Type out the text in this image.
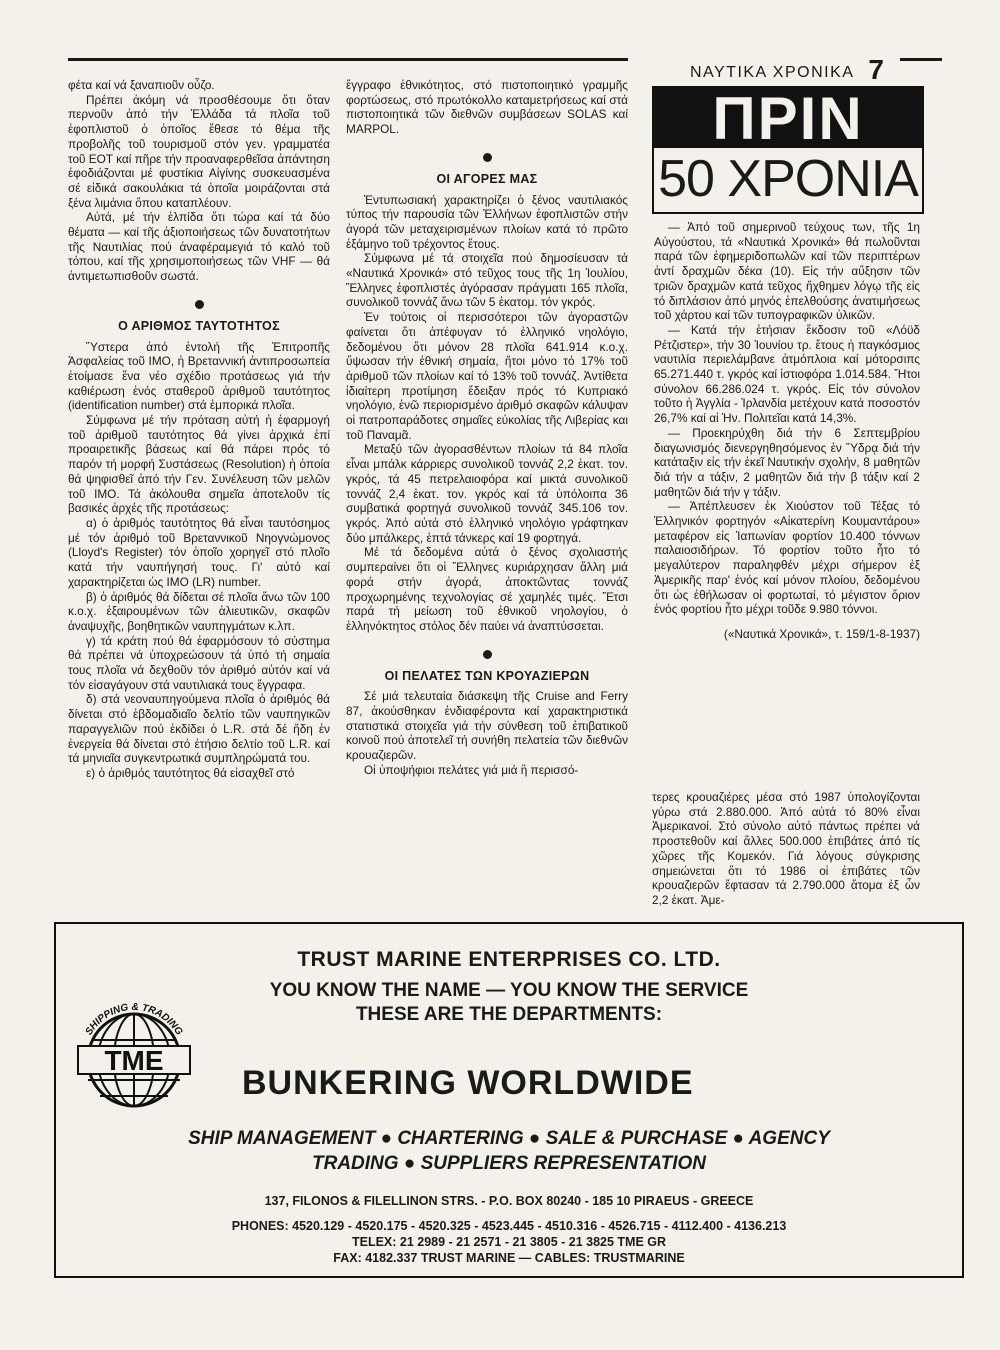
ΝΑΥΤΙΚΑ ΧΡΟΝΙΚΑ 7

φέτα καί νά ξαναπιοῦν οὖζο.

Πρέπει ἀκόμη νά προσθέσουμε ὅτι ὅταν περνοῦν ἀπό τήν Ἑλλάδα τά πλοῖα τοῦ ἐφοπλιστοῦ ὁ ὁποῖος ἔθεσε τό θέμα τῆς προβολῆς τοῦ τουρισμοῦ στόν γεν. γραμματέα τοῦ ΕΟΤ καί πῆρε τήν προαναφερθεῖσα ἀπάντηση ἐφοδιάζονται μέ φυστίκια Αἰγίνης συσκευασμένα σέ εἰδικά σακουλάκια τά ὁποῖα μοιράζονται στά ξένα λιμάνια ὅπου καταπλέουν.

Αὐτά, μέ τήν ἐλπίδα ὅτι τώρα καί τά δύο θέματα — καί τῆς ἀξιοποιήσεως τῶν δυνατοτήτων τῆς Ναυτιλίας πού ἀναφέραμεγιά τό καλό τοῦ τόπου, καί τῆς χρησιμοποιήσεως τῶν VHF — θά ἀντιμετωπισθοῦν σωστά.

Ο ΑΡΙΘΜΟΣ ΤΑΥΤΟΤΗΤΟΣ

Ὕστερα ἀπό ἐντολή τῆς Ἐπιτροπῆς Ἀσφαλείας τοῦ ΙΜΟ, ἡ Βρεταννική ἀντιπροσωπεία ἑτοίμασε ἕνα νέο σχέδιο προτάσεως γιά τήν καθιέρωση ἑνός σταθεροῦ ἀριθμοῦ ταυτότητος (identification number) στά ἐμπορικά πλοῖα.

Σύμφωνα μέ τήν πρόταση αὐτή ἡ ἐφαρμογή τοῦ ἀριθμοῦ ταυτότητος θά γίνει ἀρχικά ἐπί προαιρετικῆς βάσεως καί θά πάρει πρός τό παρόν τή μορφή Συστάσεως (Resolution) ἡ ὁποία θά ψηφισθεῖ ἀπό τήν Γεν. Συνέλευση τῶν μελῶν τοῦ ΙΜΟ. Τά ἀκόλουθα σημεῖα ἀποτελοῦν τίς βασικές ἀρχές τῆς προτάσεως:

α) ὁ ἀριθμός ταυτότητος θά εἶναι ταυτόσημος μέ τόν ἀριθμό τοῦ Βρεταννικοῦ Νηογνώμονος (Lloyd's Register) τόν ὁποῖο χορηγεῖ στό πλοῖο κατά τήν ναυπήγησή τους. Γι' αὐτό καί χαρακτηρίζεται ὡς ΙΜΟ (LR) number.

β) ὁ ἀριθμός θά δίδεται σέ πλοῖα ἄνω τῶν 100 κ.ο.χ. ἐξαιρουμένων τῶν ἁλιευτικῶν, σκαφῶν ἀναψυχῆς, βοηθητικῶν ναυπηγμάτων κ.λπ.

γ) τά κράτη πού θά ἐφαρμόσουν τό σύστημα θά πρέπει νά ὑποχρεώσουν τά ὑπό τή σημαία τους πλοῖα νά δεχθοῦν τόν ἀριθμό αὐτόν καί νά τόν εἰσαγάγουν στά ναυτιλιακά τους ἔγγραφα.

δ) στά νεοναυπηγούμενα πλοῖα ὁ ἀριθμός θά δίνεται στό ἑβδομαδιαῖο δελτίο τῶν ναυπηγικῶν παραγγελιῶν πού ἐκδίδει ὁ L.R. στά δέ ἤδη ἐν ἐνεργεία θά δίνεται στό ἐτήσιο δελτίο τοῦ L.R. καί τά μηνιαῖα συγκεντρωτικά συμπληρώματά του.

ε) ὁ ἀριθμός ταυτότητος θά εἰσαχθεῖ στό

ἔγγραφο ἐθνικότητος, στό πιστοποιητικό γραμμῆς φορτώσεως, στό πρωτόκολλο καταμετρήσεως καί στά πιστοποιητικά τῶν διεθνῶν συμβάσεων SOLAS καί MARPOL.

ΟΙ ΑΓΟΡΕΣ ΜΑΣ

Ἐντυπωσιακή χαρακτηρίζει ὁ ξένος ναυτιλιακός τύπος τήν παρουσία τῶν Ἑλλήνων ἐφοπλιστῶν στήν ἀγορά τῶν μεταχειρισμένων πλοίων κατά τό πρῶτο ἑξάμηνο τοῦ τρέχοντος ἔτους.

Σύμφωνα μέ τά στοιχεῖα πού δημοσίευσαν τά «Ναυτικά Χρονικά» στό τεῦχος τους τῆς 1η Ἰουλίου, Ἕλληνες ἐφοπλιστές ἀγόρασαν πράγματι 165 πλοῖα, συνολικοῦ τοννάζ ἄνω τῶν 5 ἑκατομ. τόν γκρός.

Ἐν τούτοις οἱ περισσότεροι τῶν ἀγοραστῶν φαίνεται ὅτι ἀπέφυγαν τό ἑλληνικό νηολόγιο, δεδομένου ὅτι μόνον 28 πλοῖα 641.914 κ.ο.χ. ὕψωσαν τήν ἐθνική σημαία, ἤτοι μόνο τό 17% τοῦ ἀριθμοῦ τῶν πλοίων καί τό 13% τοῦ τοννάζ. Ἀντίθετα ἰδιαίτερη προτίμηση ἔδειξαν πρός τό Κυπριακό νηολόγιο, ἐνῶ περιορισμένο ἀριθμό σκαφῶν κάλυψαν οἱ πατροπαράδοτες σημαῖες εὐκολίας τῆς Λιβερίας και τοῦ Παναμᾶ.

Μεταξύ τῶν ἀγορασθέντων πλοίων τά 84 πλοῖα εἶναι μπάλκ κάρριερς συνολικοῦ τοννάζ 2,2 ἑκατ. τον. γκρός, τά 45 πετρελαιοφόρα καί μικτά συνολικοῦ τοννάζ 2,4 ἑκατ. τον. γκρός καί τά ὑπόλοιπα 36 συμβατικά φορτηγά συνολικοῦ τοννάζ 345.106 τον. γκρός. Ἀπό αὐτά στό ἑλληνικό νηολόγιο γράφτηκαν δύο μπάλκερς, ἑπτά τάνκερς καί 19 φορτηγά.

Μέ τά δεδομένα αὐτά ὁ ξένος σχολιαστής συμπεραίνει ὅτι οἱ Ἕλληνες κυριάρχησαν ἄλλη μιά φορά στήν ἀγορά, ἀποκτῶντας τοννάζ προχωρημένης τεχνολογίας σέ χαμηλές τιμές. Ἔτσι παρά τή μείωση τοῦ ἐθνικοῦ νηολογίου, ὁ ἑλληνόκτητος στόλος δέν παύει νά ἀναπτύσσεται.

ΟΙ ΠΕΛΑΤΕΣ ΤΩΝ ΚΡΟΥΑΖΙΕΡΩΝ

Σέ μιά τελευταία διάσκεψη τῆς Cruise and Ferry 87, ἀκούσθηκαν ἐνδιαφέροντα καί χαρακτηριστικά στατιστικά στοιχεῖα γιά τήν σύνθεση τοῦ ἐπιβατικοῦ κοινοῦ πού ἀποτελεῖ τή συνήθη πελατεία τῶν διεθνῶν κρουαζιερῶν.

Οἱ ὑποψήφιοι πελάτες γιά μιά ἢ περισσό-

ΠΡΙΝ
50 ΧΡΟΝΙΑ

— Ἀπό τοῦ σημερινοῦ τεύχους των, τῆς 1η Αὐγούστου, τά «Ναυτικά Χρονικά» θά πωλοῦνται παρά τῶν ἐφημεριδοπωλῶν καί τῶν περιπτέρων ἀντί δραχμῶν δέκα (10). Εἰς τήν αὔξησιν τῶν τριῶν δραχμῶν κατά τεῦχος ἤχθημεν λόγῳ τῆς εἰς τό διπλάσιον ἀπό μηνός ἐπελθούσης ἀνατιμήσεως τοῦ χάρτου καί τῶν τυπογραφικῶν ὑλικῶν.

— Κατά τήν ἐτήσιαν ἔκδοσιν τοῦ «Λόϋδ Ρέτζιστερ», τήν 30 Ἰουνίου τρ. ἔτους ἡ παγκόσμιος ναυτιλία περιελάμβανε ἀτμόπλοια καί μότορσιπς 65.271.440 τ. γκρός καί ἱστιοφόρα 1.014.584. Ἤτοι σύνολον 66.286.024 τ. γκρός. Εἰς τόν σύνολον τοῦτο ἡ Ἀγγλία - Ἰρλανδία μετέχουν κατά ποσοστόν 26,7% καί αἱ Ἡν. Πολιτεῖαι κατά 14,3%.

— Προεκηρύχθη διά τήν 6 Σεπτεμβρίου διαγωνισμός διενεργηθησόμενος ἐν Ὕδρᾳ διά τήν κατάταξιν εἰς τήν ἐκεῖ Ναυτικήν σχολήν, 8 μαθητῶν διά τήν α τάξιν, 2 μαθητῶν διά τήν β τάξιν καί 2 μαθητῶν διά τήν γ τάξιν.

— Ἀπέπλευσεν ἐκ Χιούστον τοῦ Τέξας τό Ἑλληνικόν φορτηγόν «Αἰκατερίνη Κουμαντάρου» μεταφέρον εἰς Ἰαπωνίαν φορτίον 10.400 τόννων παλαιοσιδήρων. Τό φορτίον τοῦτο ἦτο τό μεγαλύτερον παραληφθέν μέχρι σήμερον ἐξ Ἀμερικῆς παρ' ἑνός καί μόνον πλοίου, δεδομένου ὅτι ὡς ἐθήλωσαν οἱ φορτωταί, τό μέγιστον ὅριον ἑνός φορτίου ἦτο μέχρι τοῦδε 9.980 τόννοι.

(«Ναυτικά Χρονικά», τ. 159/1-8-1937)

τερες κρουαζιέρες μέσα στό 1987 ὑπολογίζονται γύρω στά 2.880.000. Ἀπό αὐτά τό 80% εἶναι Ἀμερικανοί. Στό σύνολο αὐτό πάντως πρέπει νά προστεθοῦν καί ἄλλες 500.000 ἐπιβάτες ἀπό τίς χῶρες τῆς Κομεκόν. Γιά λόγους σύγκρισης σημειώνεται ὅτι τό 1986 οἱ ἐπιβάτες τῶν κρουαζιερῶν ἔφτασαν τά 2.790.000 ἄτομα ἐξ ὧν 2,2 ἑκατ. Ἀμε-

TRUST MARINE ENTERPRISES CO. LTD.
YOU KNOW THE NAME — YOU KNOW THE SERVICE
THESE ARE THE DEPARTMENTS:
TME
SHIPPING & TRADING
BUNKERING WORLDWIDE
SHIP MANAGEMENT ● CHARTERING ● SALE & PURCHASE ● AGENCY
TRADING ● SUPPLIERS REPRESENTATION
137, FILONOS & FILELLINON STRS. - P.O. BOX 80240 - 185 10 PIRAEUS - GREECE
PHONES: 4520.129 - 4520.175 - 4520.325 - 4523.445 - 4510.316 - 4526.715 - 4112.400 - 4136.213
TELEX: 21 2989 - 21 2571 - 21 3805 - 21 3825 TME GR
FAX: 4182.337 TRUST MARINE — CABLES: TRUSTMARINE
